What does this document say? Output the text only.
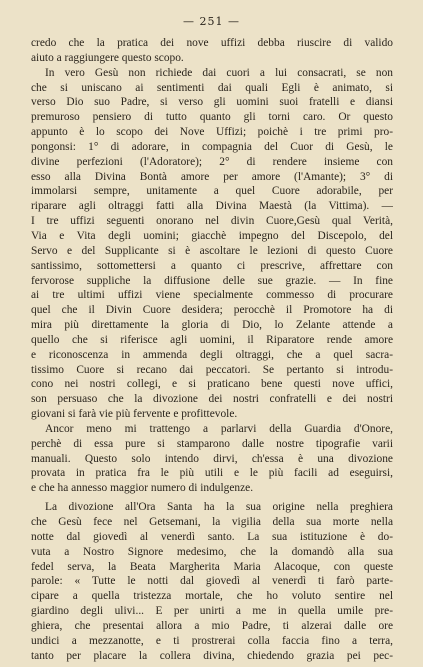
— 251 —
credo che la pratica dei nove uffizi debba riuscire di valido
aiuto a raggiungere questo scopo.
In vero Gesù non richiede dai cuori a lui consacrati, se non
che si uniscano ai sentimenti dai quali Egli è animato, si
verso Dio suo Padre, si verso gli uomini suoi fratelli e diansi
premuroso pensiero di tutto quanto gli torni caro. Or questo
appunto è lo scopo dei Nove Uffizi; poichè i tre primi pro-
pongonsi: 1° di adorare, in compagnia del Cuor di Gesù, le
divine perfezioni (l'Adoratore); 2° di rendere insieme con
esso alla Divina Bontà amore per amore (l'Amante); 3° di
immolarsi sempre, unitamente a quel Cuore adorabile, per
riparare agli oltraggi fatti alla Divina Maestà (la Vittima). —
I tre uffizi seguenti onorano nel divin Cuore,Gesù qual Verità,
Via e Vita degli uomini; giacchè impegno del Discepolo, del
Servo e del Supplicante si è ascoltare le lezioni di questo Cuore
santissimo, sottomettersi a quanto ci prescrive, affrettare con
fervorose suppliche la diffusione delle sue grazie. — In fine
ai tre ultimi uffizi viene specialmente commesso di procurare
quel che il Divin Cuore desidera; perocchè il Promotore ha di
mira più direttamente la gloria di Dio, lo Zelante attende a
quello che si riferisce agli uomini, il Riparatore rende amore
e riconoscenza in ammenda degli oltraggi, che a quel sacra-
tissimo Cuore si recano dai peccatori. Se pertanto si introdu-
cono nei nostri collegi, e si praticano bene questi nove uffici,
son persuaso che la divozione dei nostri confratelli e dei nostri
giovani si farà vie più fervente e profittevole.
Ancor meno mi trattengo a parlarvi della Guardia d'Onore,
perchè di essa pure si stamparono dalle nostre tipografie varii
manuali. Questo solo intendo dirvi, ch'essa è una divozione
provata in pratica fra le più utili e le più facili ad eseguirsi,
e che ha annesso maggior numero di indulgenze.
La divozione all'Ora Santa ha la sua origine nella preghiera
che Gesù fece nel Getsemani, la vigilia della sua morte nella
notte dal giovedì al venerdì santo. La sua istituzione è do-
vuta a Nostro Signore medesimo, che la domandò alla sua
fedel serva, la Beata Margherita Maria Alacoque, con queste
parole: « Tutte le notti dal giovedì al venerdì ti farò parte-
cipare a quella tristezza mortale, che ho voluto sentire nel
giardino degli ulivi... E per unirti a me in quella umile pre-
ghiera, che presentai allora a mio Padre, ti alzerai dalle ore
undici a mezzanotte, e ti prostrerai colla faccia fino a terra,
tanto per placare la collera divina, chiedendo grazia pei pec-
